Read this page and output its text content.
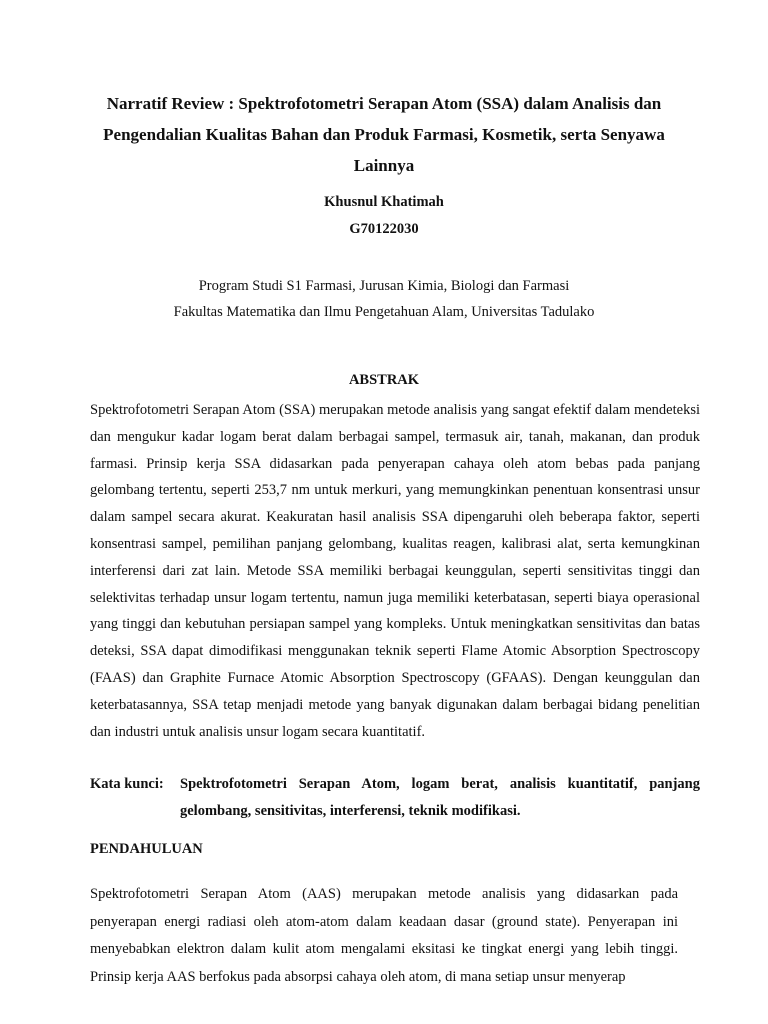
Narratif Review : Spektrofotometri Serapan Atom (SSA) dalam Analisis dan Pengendalian Kualitas Bahan dan Produk Farmasi, Kosmetik, serta Senyawa Lainnya

Khusnul Khatimah

G70122030

Program Studi S1 Farmasi, Jurusan Kimia, Biologi dan Farmasi

Fakultas Matematika dan Ilmu Pengetahuan Alam, Universitas Tadulako

ABSTRAK

Spektrofotometri Serapan Atom (SSA) merupakan metode analisis yang sangat efektif dalam mendeteksi dan mengukur kadar logam berat dalam berbagai sampel, termasuk air, tanah, makanan, dan produk farmasi. Prinsip kerja SSA didasarkan pada penyerapan cahaya oleh atom bebas pada panjang gelombang tertentu, seperti 253,7 nm untuk merkuri, yang memungkinkan penentuan konsentrasi unsur dalam sampel secara akurat. Keakuratan hasil analisis SSA dipengaruhi oleh beberapa faktor, seperti konsentrasi sampel, pemilihan panjang gelombang, kualitas reagen, kalibrasi alat, serta kemungkinan interferensi dari zat lain. Metode SSA memiliki berbagai keunggulan, seperti sensitivitas tinggi dan selektivitas terhadap unsur logam tertentu, namun juga memiliki keterbatasan, seperti biaya operasional yang tinggi dan kebutuhan persiapan sampel yang kompleks. Untuk meningkatkan sensitivitas dan batas deteksi, SSA dapat dimodifikasi menggunakan teknik seperti Flame Atomic Absorption Spectroscopy (FAAS) dan Graphite Furnace Atomic Absorption Spectroscopy (GFAAS). Dengan keunggulan dan keterbatasannya, SSA tetap menjadi metode yang banyak digunakan dalam berbagai bidang penelitian dan industri untuk analisis unsur logam secara kuantitatif.

Kata kunci:	Spektrofotometri Serapan Atom, logam berat, analisis kuantitatif, panjang gelombang, sensitivitas, interferensi, teknik modifikasi.
PENDAHULUAN

Spektrofotometri Serapan Atom (AAS) merupakan metode analisis yang didasarkan pada penyerapan energi radiasi oleh atom-atom dalam keadaan dasar (ground state). Penyerapan ini menyebabkan elektron dalam kulit atom mengalami eksitasi ke tingkat energi yang lebih tinggi. Prinsip kerja AAS berfokus pada absorpsi cahaya oleh atom, di mana setiap unsur menyerap
